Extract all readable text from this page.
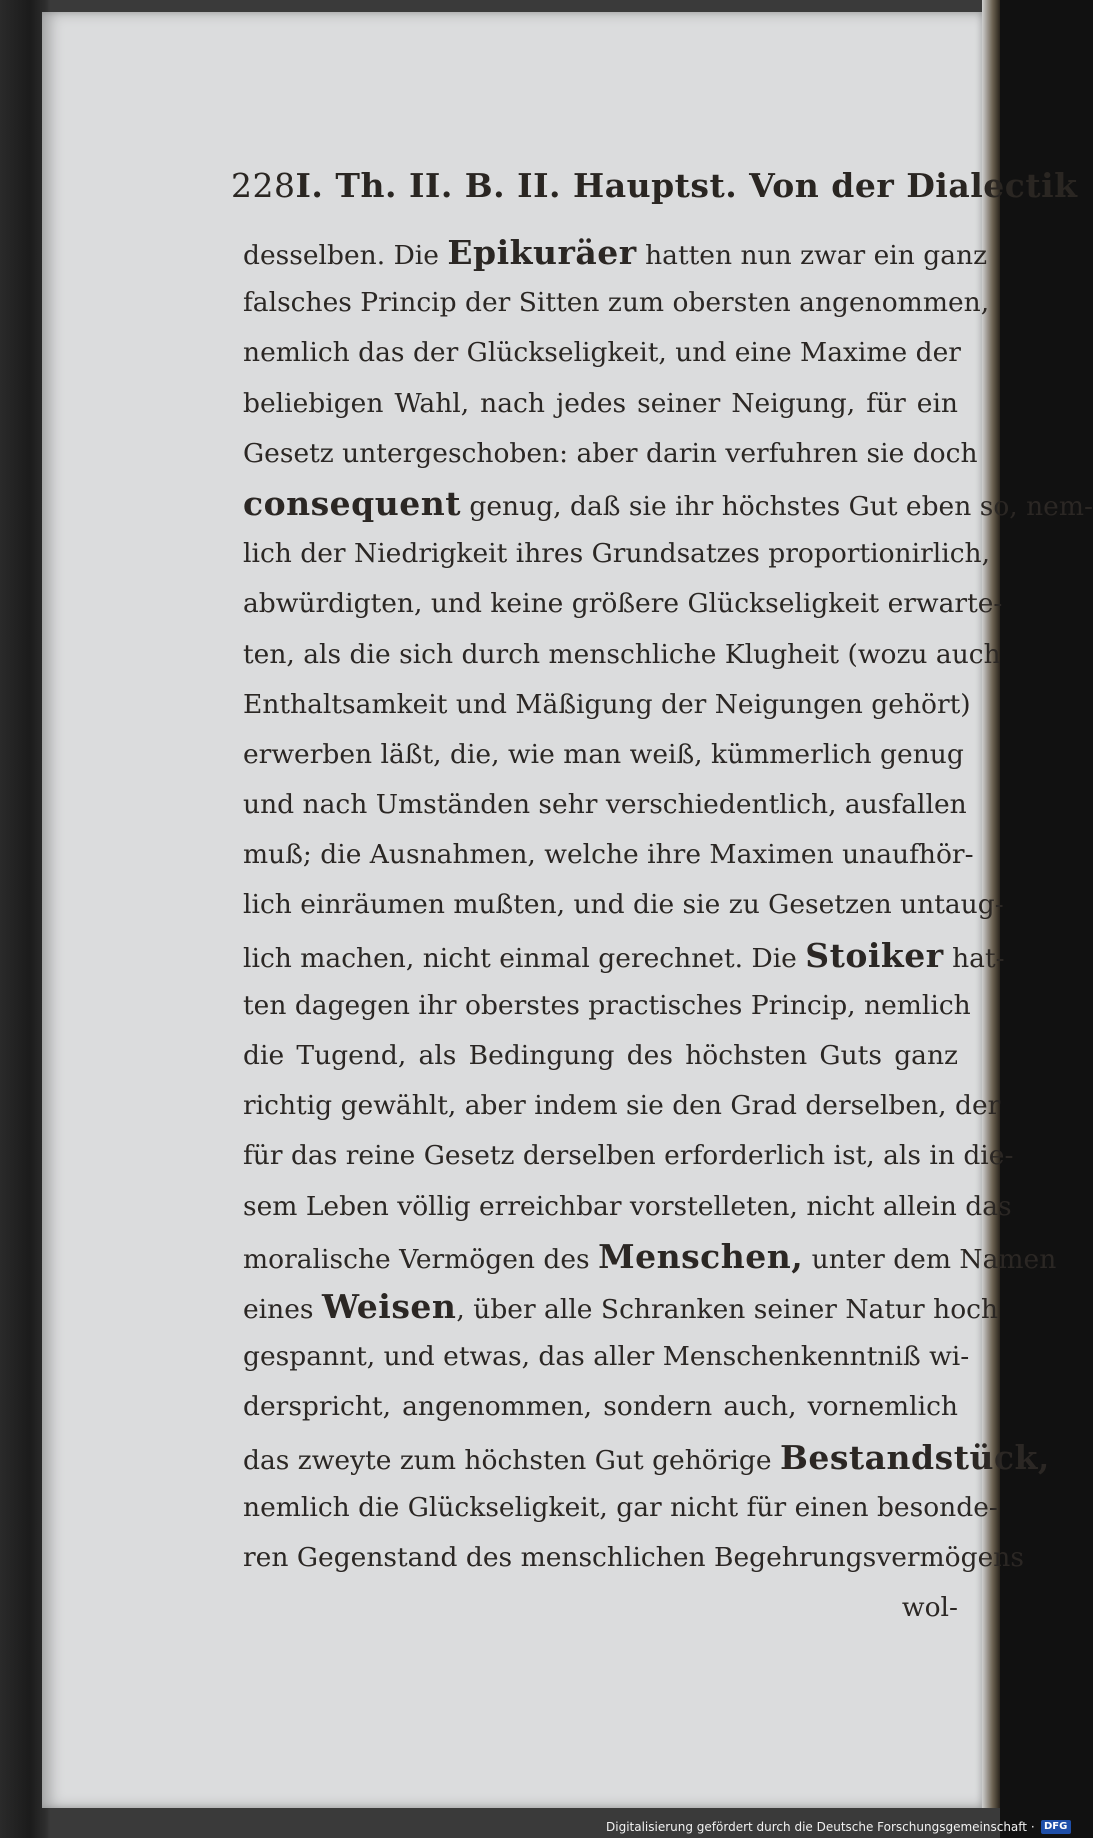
228 I. Th. II. B. II. Hauptst. Von der Dialectik
desselben. Die Epikuräer hatten nun zwar ein ganz
falsches Princip der Sitten zum obersten angenommen,
nemlich das der Glückseligkeit, und eine Maxime der
beliebigen Wahl, nach jedes seiner Neigung, für ein
Gesetz untergeschoben: aber darin verfuhren sie doch
consequent genug, daß sie ihr höchstes Gut eben so, nem-
lich der Niedrigkeit ihres Grundsatzes proportionirlich,
abwürdigten, und keine größere Glückseligkeit erwarte-
ten, als die sich durch menschliche Klugheit (wozu auch
Enthaltsamkeit und Mäßigung der Neigungen gehört)
erwerben läßt, die, wie man weiß, kümmerlich genug
und nach Umständen sehr verschiedentlich, ausfallen
muß; die Ausnahmen, welche ihre Maximen unaufhör-
lich einräumen mußten, und die sie zu Gesetzen untaug-
lich machen, nicht einmal gerechnet. Die Stoiker hat-
ten dagegen ihr oberstes practisches Princip, nemlich
die Tugend, als Bedingung des höchsten Guts ganz
richtig gewählt, aber indem sie den Grad derselben, der
für das reine Gesetz derselben erforderlich ist, als in die-
sem Leben völlig erreichbar vorstelleten, nicht allein das
moralische Vermögen des Menschen, unter dem Namen
eines Weisen, über alle Schranken seiner Natur hoch
gespannt, und etwas, das aller Menschenkenntniß wi-
derspricht, angenommen, sondern auch, vornemlich
das zweyte zum höchsten Gut gehörige Bestandstück,
nemlich die Glückseligkeit, gar nicht für einen besonde-
ren Gegenstand des menschlichen Begehrungsvermögens
wol-
Digitalisierung gefördert durch die Deutsche Forschungsgemeinschaft · DFG
